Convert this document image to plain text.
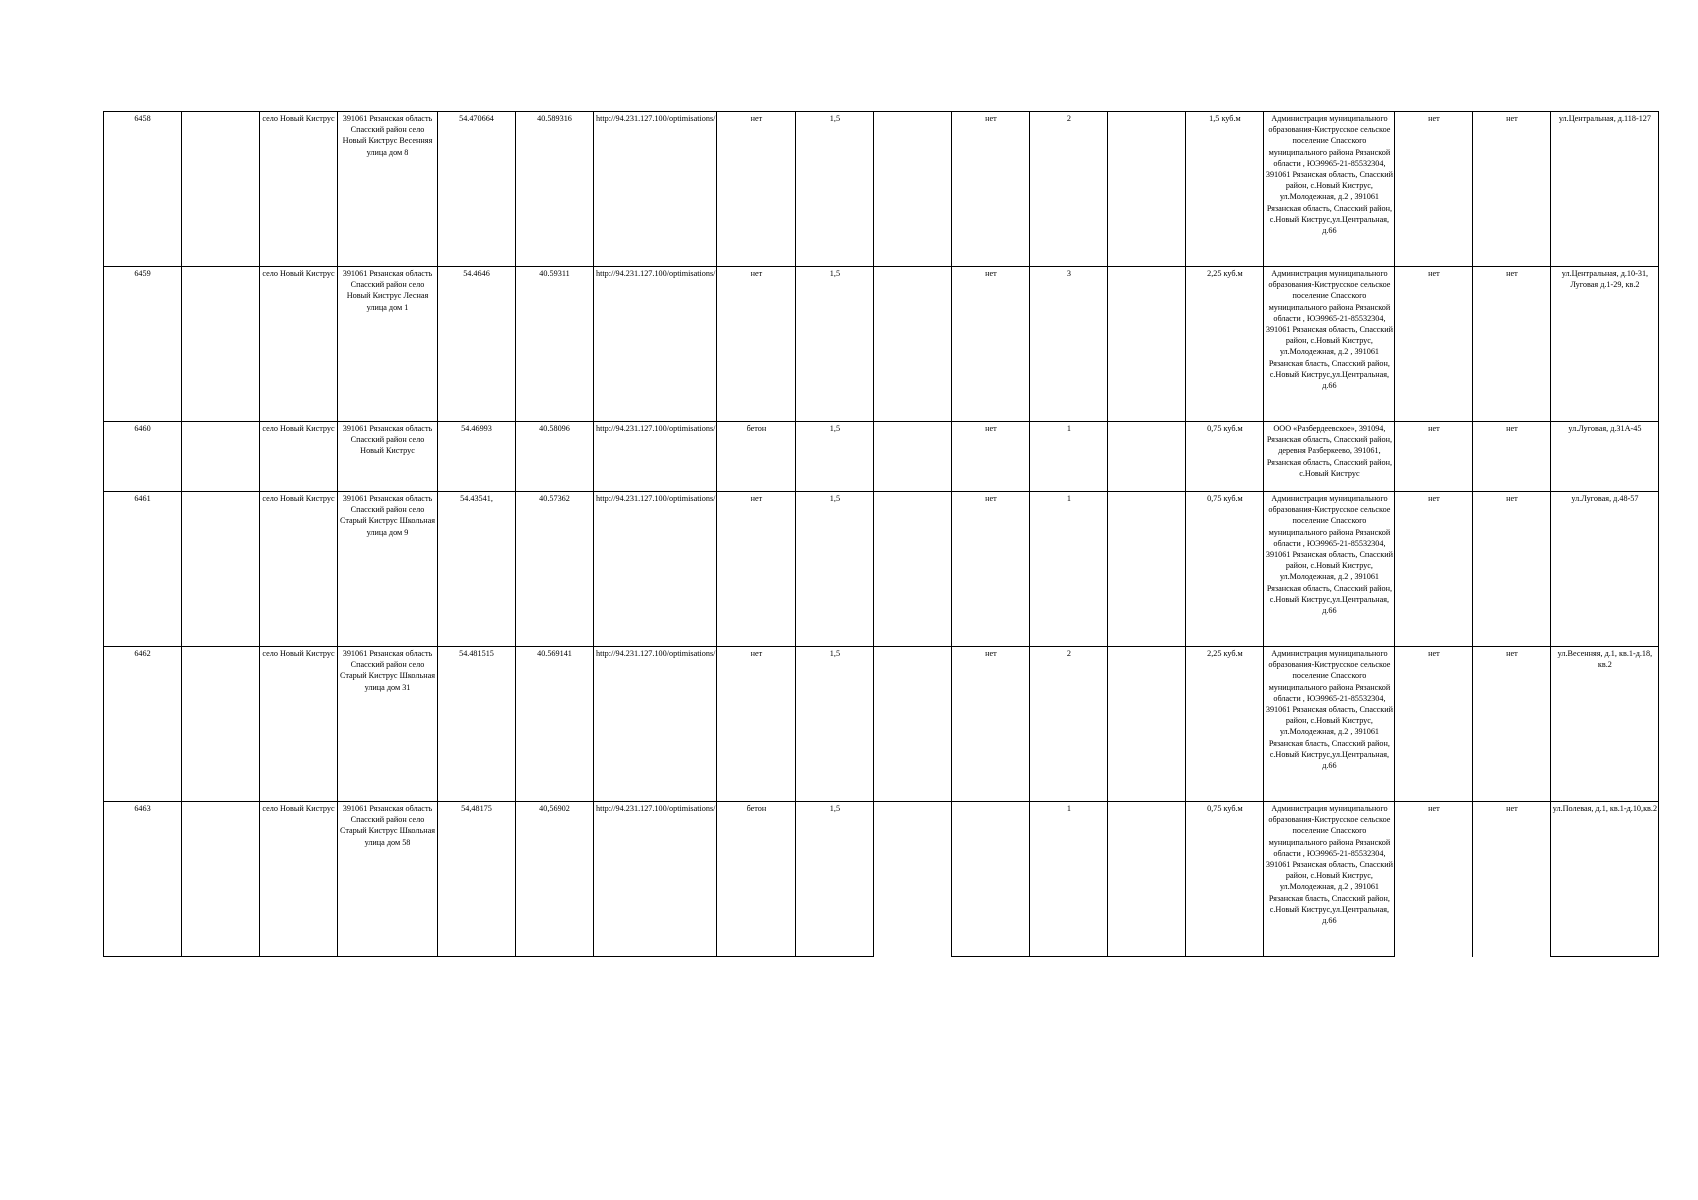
6458		село Новый Киструс	391061 Рязанская область Спасский район село Новый Киструс Весенняя улица дом 8	54.470664	40.589316	http://94.231.127.100/optimisations/	нет	1,5		нет	2		1,5 куб.м	Администрация муниципального образования-Киструсское сельское поселение Спасского муниципального района Рязанской области , ЮЭ9965-21-85532304, 391061 Рязанская область, Спасский район, с.Новый Киструс, ул.Молодежная, д.2 , 391061 Рязанская область, Спасский район, с.Новый Киструс,ул.Центральная, д.66	нет	нет	ул.Центральная, д.118-127
6459		село Новый Киструс	391061 Рязанская область Спасский район село Новый Киструс Лесная улица дом 1	54.4646	40.59311	http://94.231.127.100/optimisations/	нет	1,5		нет	3		2,25 куб.м	Администрация муниципального образования-Киструсское сельское поселение Спасского муниципального района Рязанской области , ЮЭ9965-21-85532304, 391061 Рязанская область, Спасский район, с.Новый Киструс, ул.Молодежная, д.2 , 391061 Рязанская бласть, Спасский район, с.Новый Киструс,ул.Центральная, д.66	нет	нет	ул.Центральная, д.10-31, Луговая д.1-29, кв.2
6460		село Новый Киструс	391061 Рязанская область Спасский район село Новый Киструс	54.46993	40.58096	http://94.231.127.100/optimisations/	бетон	1,5		нет	1		0,75 куб.м	ООО «Разбердеевское», 391094, Рязанская область, Спасский район, деревня Разберкеево, 391061, Рязанская область, Спасский район, с.Новый Киструс	нет	нет	ул.Луговая, д.31А-45
6461		село Новый Киструс	391061 Рязанская область Спасский район село Старый Киструс Школьная улица дом 9	54.43541,	40.57362	http://94.231.127.100/optimisations/	нет	1,5		нет	1		0,75 куб.м	Администрация муниципального образования-Киструсское сельское поселение Спасского муниципального района Рязанской области , ЮЭ9965-21-85532304, 391061 Рязанская область, Спасский район, с.Новый Киструс, ул.Молодежная, д.2 , 391061 Рязанская область, Спасский район, с.Новый Киструс,ул.Центральная, д.66	нет	нет	ул.Луговая, д.48-57
6462		село Новый Киструс	391061 Рязанская область Спасский район село Старый Киструс Школьная улица дом 31	54.481515	40.569141	http://94.231.127.100/optimisations/	нет	1,5		нет	2		2,25 куб.м	Администрация муниципального образования-Киструсское сельское поселение Спасского муниципального района Рязанской области , ЮЭ9965-21-85532304, 391061 Рязанская область, Спасский район, с.Новый Киструс, ул.Молодежная, д.2 , 391061 Рязанская бласть, Спасский район, с.Новый Киструс,ул.Центральная, д.66	нет	нет	ул.Весенняя, д.1, кв.1-д.18, кв.2
6463		село Новый Киструс	391061 Рязанская область Спасский район село Старый Киструс Школьная улица дом 58	54,48175	40,56902	http://94.231.127.100/optimisations/	бетон	1,5			1		0,75 куб.м	Администрация муниципального образования-Киструсское сельское поселение Спасского муниципального района Рязанской области , ЮЭ9965-21-85532304, 391061 Рязанская область, Спасский район, с.Новый Киструс, ул.Молодежная, д.2 , 391061 Рязанская бласть, Спасский район, с.Новый Киструс,ул.Центральная, д.66	нет	нет	ул.Полевая, д.1, кв.1-д.10,кв.2
